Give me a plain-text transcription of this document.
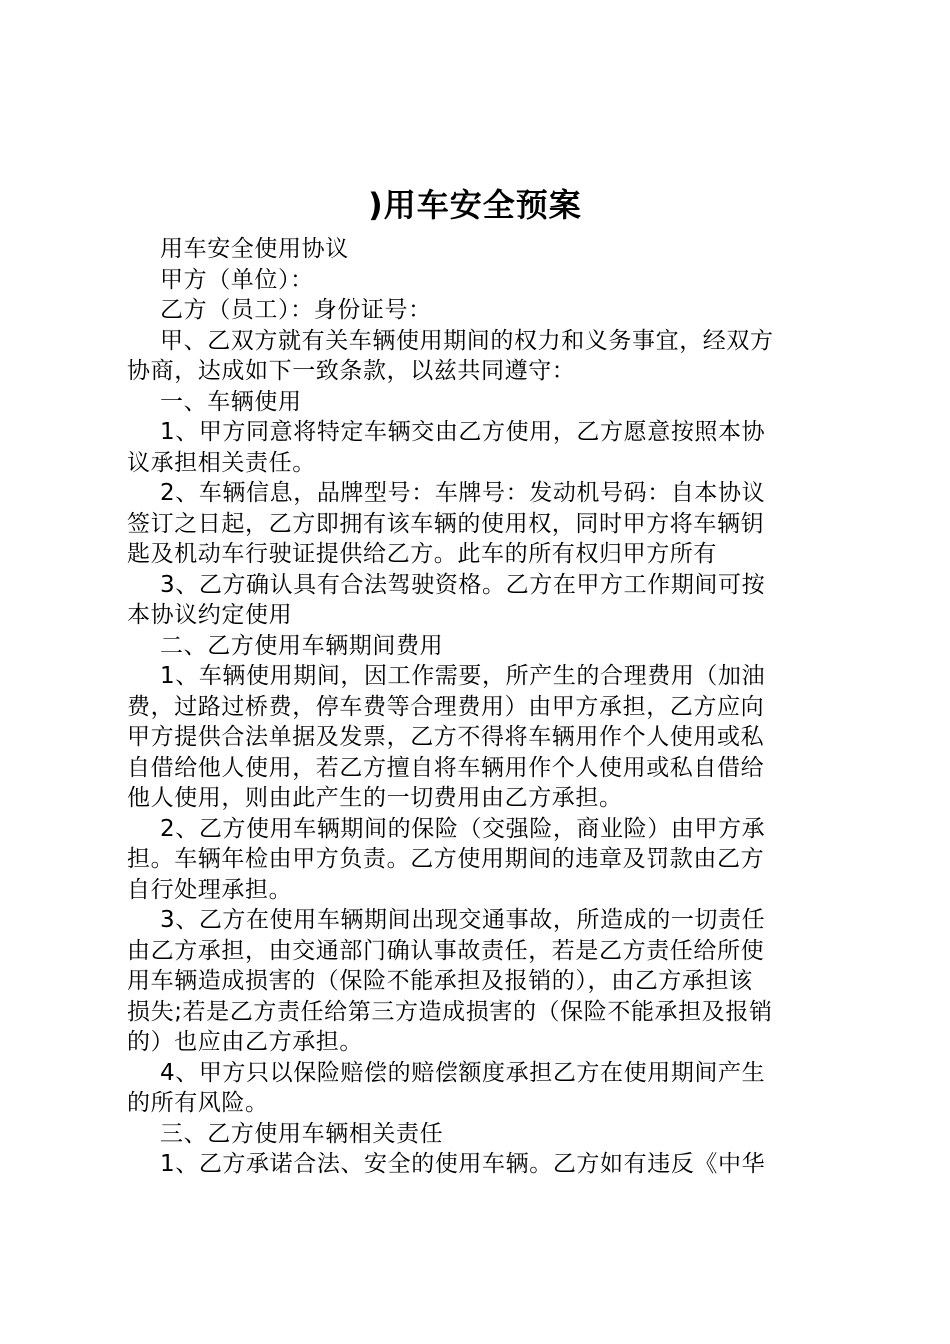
)用车安全预案
用车安全使用协议
甲方（单位）：
乙方（员工）：身份证号：
甲、乙双方就有关车辆使用期间的权力和义务事宜，经双方
协商，达成如下一致条款，以兹共同遵守：
一、车辆使用
1、甲方同意将特定车辆交由乙方使用，乙方愿意按照本协
议承担相关责任。
2、车辆信息，品牌型号：车牌号：发动机号码：自本协议
签订之日起，乙方即拥有该车辆的使用权，同时甲方将车辆钥
匙及机动车行驶证提供给乙方。此车的所有权归甲方所有
3、乙方确认具有合法驾驶资格。乙方在甲方工作期间可按
本协议约定使用
二、乙方使用车辆期间费用
1、车辆使用期间，因工作需要，所产生的合理费用（加油
费，过路过桥费，停车费等合理费用）由甲方承担，乙方应向
甲方提供合法单据及发票，乙方不得将车辆用作个人使用或私
自借给他人使用，若乙方擅自将车辆用作个人使用或私自借给
他人使用，则由此产生的一切费用由乙方承担。
2、乙方使用车辆期间的保险（交强险，商业险）由甲方承
担。车辆年检由甲方负责。乙方使用期间的违章及罚款由乙方
自行处理承担。
3、乙方在使用车辆期间出现交通事故，所造成的一切责任
由乙方承担，由交通部门确认事故责任，若是乙方责任给所使
用车辆造成损害的（保险不能承担及报销的），由乙方承担该
损失;若是乙方责任给第三方造成损害的（保险不能承担及报销
的）也应由乙方承担。
4、甲方只以保险赔偿的赔偿额度承担乙方在使用期间产生
的所有风险。
三、乙方使用车辆相关责任
1、乙方承诺合法、安全的使用车辆。乙方如有违反《中华
